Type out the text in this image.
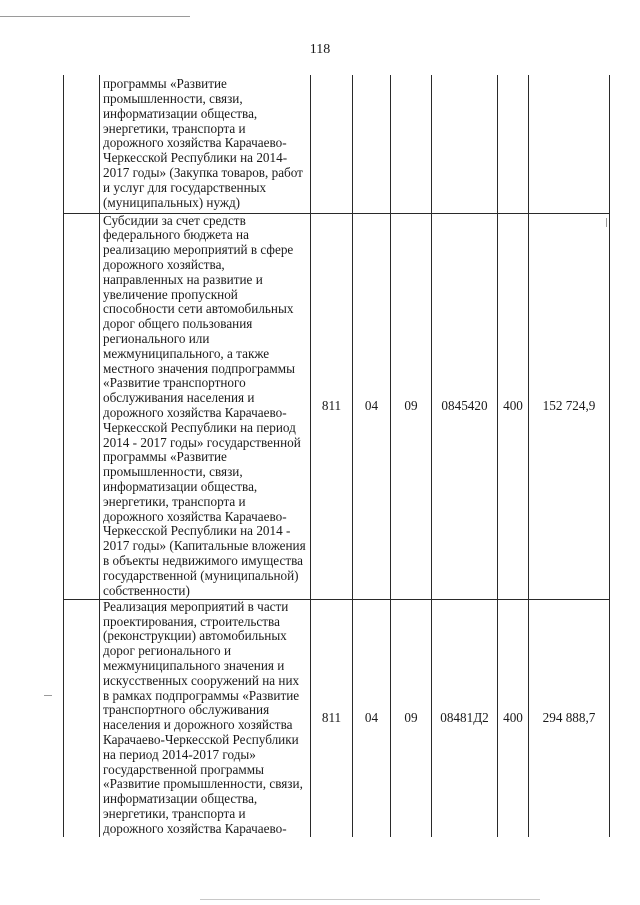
118
	программы «Развитие промышленности, связи, информатизации общества, энергетики, транспорта и дорожного хозяйства Карачаево-Черкесской Республики на 2014-2017 годы» (Закупка товаров, работ и услуг для государственных (муниципальных) нужд)						
	Субсидии за счет средств федерального бюджета на реализацию мероприятий в сфере дорожного хозяйства, направленных на развитие и увеличение пропускной способности сети автомобильных дорог общего пользования регионального или межмуниципального, а также местного значения подпрограммы «Развитие транспортного обслуживания населения и дорожного хозяйства Карачаево-Черкесской Республики на период 2014 - 2017 годы» государственной программы «Развитие промышленности, связи, информатизации общества, энергетики, транспорта и дорожного хозяйства Карачаево-Черкесской Республики на 2014 - 2017 годы» (Капитальные вложения в объекты недвижимого имущества государственной (муниципальной) собственности)	811	04	09	0845420	400	152 724,9
	Реализация мероприятий в части проектирования, строительства (реконструкции) автомобильных дорог регионального и межмуниципального значения и искусственных сооружений на них в рамках подпрограммы «Развитие транспортного обслуживания населения и дорожного хозяйства Карачаево-Черкесской Республики на период 2014-2017 годы» государственной программы «Развитие промышленности, связи, информатизации общества, энергетики, транспорта и дорожного хозяйства Карачаево-	811	04	09	08481Д2	400	294 888,7
